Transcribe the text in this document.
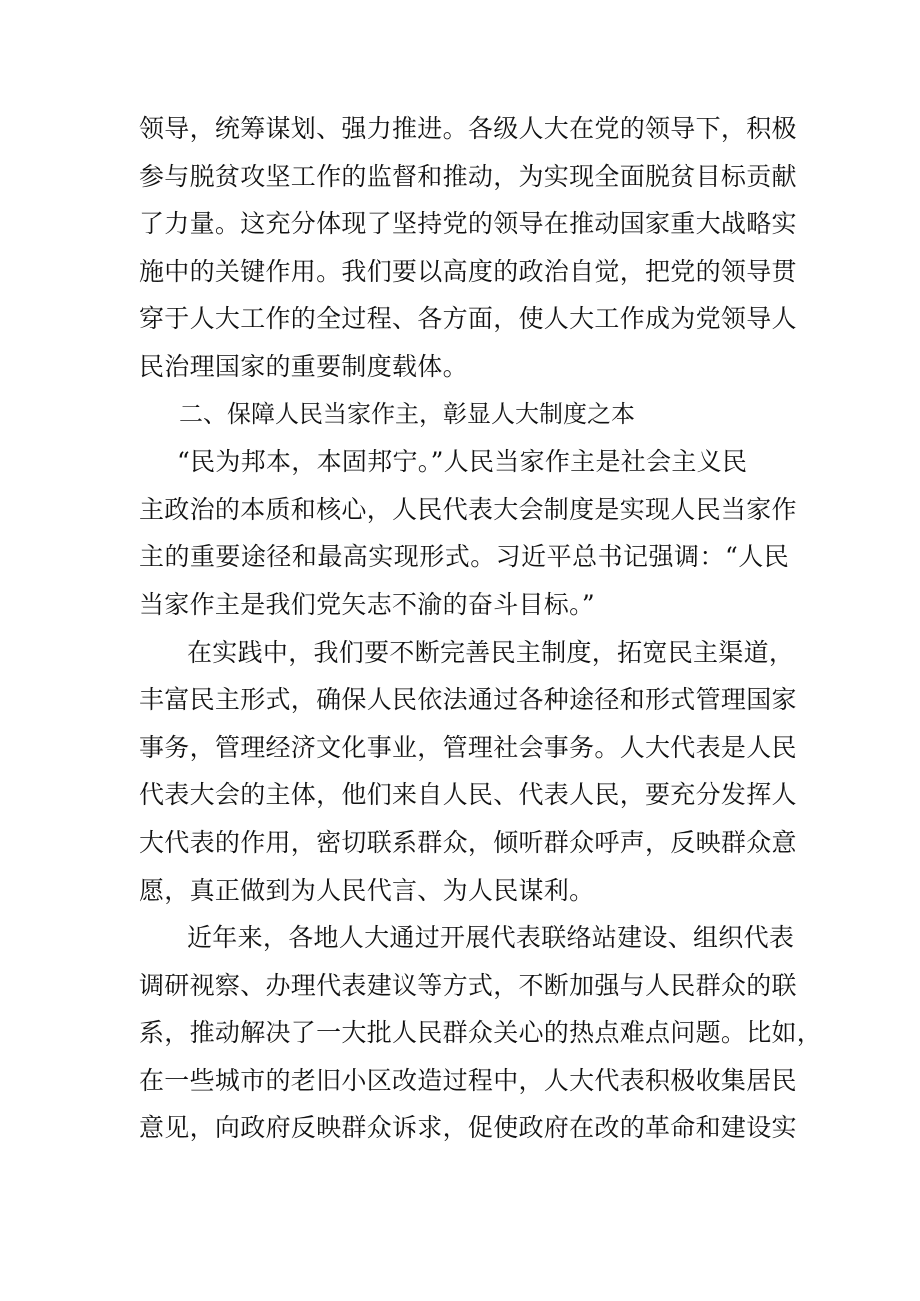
领导，统筹谋划、强力推进。各级人大在党的领导下，积极
参与脱贫攻坚工作的监督和推动，为实现全面脱贫目标贡献
了力量。这充分体现了坚持党的领导在推动国家重大战略实
施中的关键作用。我们要以高度的政治自觉，把党的领导贯
穿于人大工作的全过程、各方面，使人大工作成为党领导人
民治理国家的重要制度载体。
二、保障人民当家作主，彰显人大制度之本
“民为邦本，本固邦宁。”人民当家作主是社会主义民
主政治的本质和核心，人民代表大会制度是实现人民当家作
主的重要途径和最高实现形式。习近平总书记强调：“人民
当家作主是我们党矢志不渝的奋斗目标。”
在实践中，我们要不断完善民主制度，拓宽民主渠道，
丰富民主形式，确保人民依法通过各种途径和形式管理国家
事务，管理经济文化事业，管理社会事务。人大代表是人民
代表大会的主体，他们来自人民、代表人民，要充分发挥人
大代表的作用，密切联系群众，倾听群众呼声，反映群众意
愿，真正做到为人民代言、为人民谋利。
近年来，各地人大通过开展代表联络站建设、组织代表
调研视察、办理代表建议等方式，不断加强与人民群众的联
系，推动解决了一大批人民群众关心的热点难点问题。比如，
在一些城市的老旧小区改造过程中，人大代表积极收集居民
意见，向政府反映群众诉求，促使政府在改的革命和建设实
